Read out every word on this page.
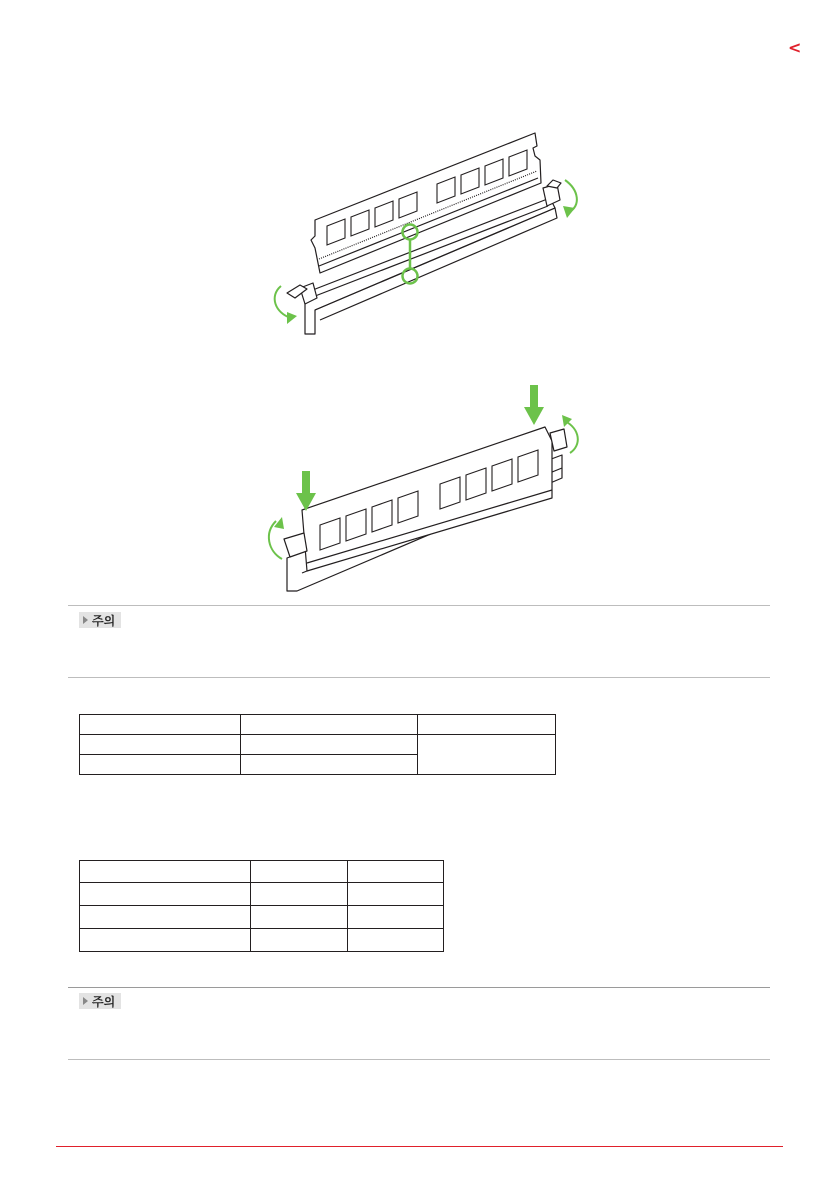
<
주의

주의
